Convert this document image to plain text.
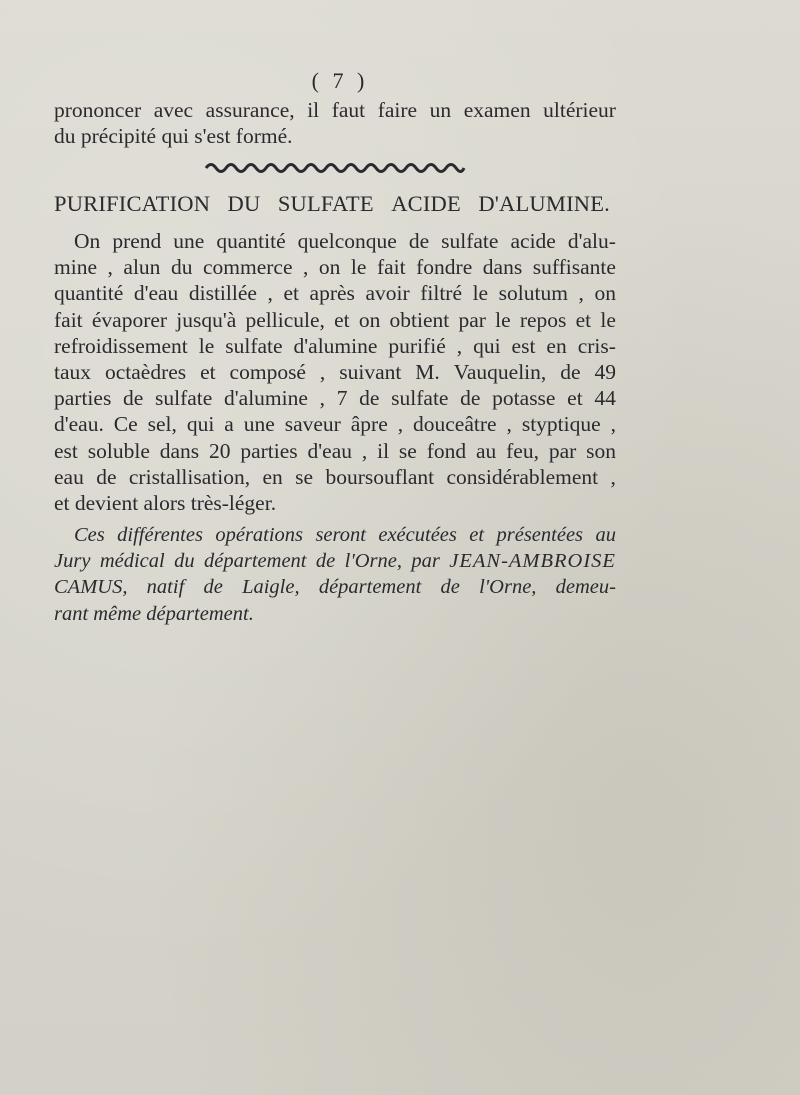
( 7 )
prononcer avec assurance, il faut faire un examen ultérieur
du précipité qui s'est formé.
PURIFICATION DU SULFATE ACIDE D'ALUMINE.
On prend une quantité quelconque de sulfate acide d'alu-
mine , alun du commerce , on le fait fondre dans suffisante
quantité d'eau distillée , et après avoir filtré le solutum , on
fait évaporer jusqu'à pellicule, et on obtient par le repos et le
refroidissement le sulfate d'alumine purifié , qui est en cris-
taux octaèdres et composé , suivant M. Vauquelin, de 49
parties de sulfate d'alumine , 7 de sulfate de potasse et 44
d'eau. Ce sel, qui a une saveur âpre , douceâtre , styptique ,
est soluble dans 20 parties d'eau , il se fond au feu, par son
eau de cristallisation, en se boursouflant considérablement ,
et devient alors très-léger.
Ces différentes opérations seront exécutées et présentées au
Jury médical du département de l'Orne, par JEAN-AMBROISE
CAMUS, natif de Laigle, département de l'Orne, demeu-
rant même département.
